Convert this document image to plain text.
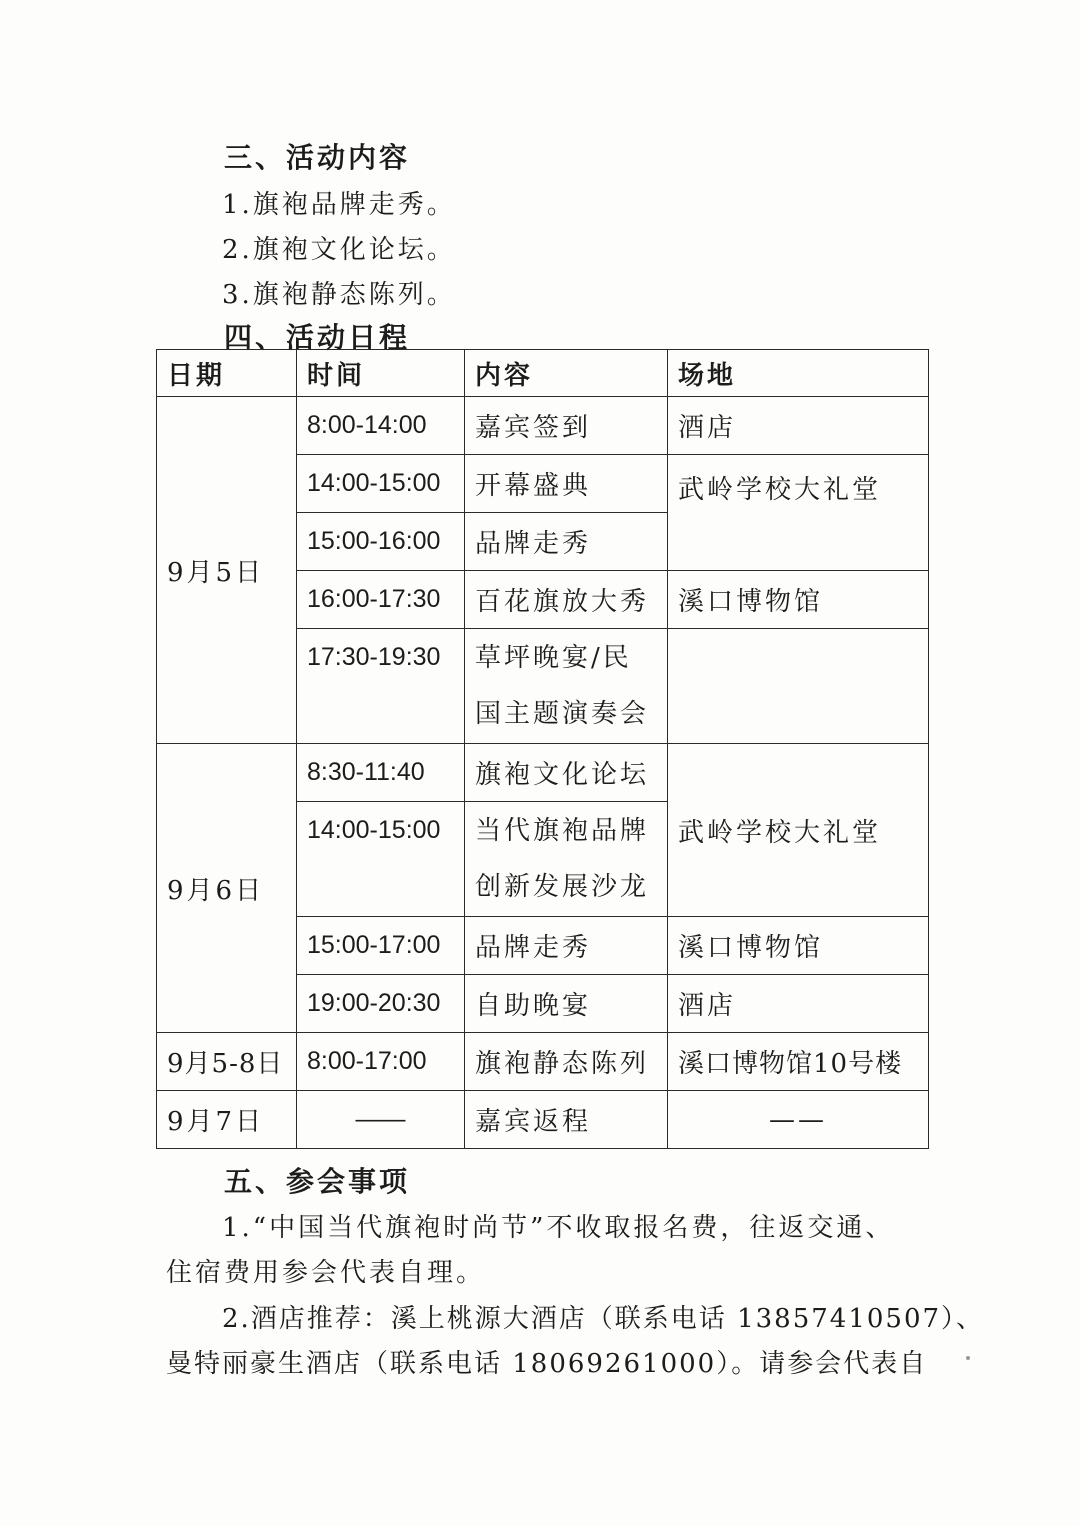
三、活动内容
1.旗袍品牌走秀。
2.旗袍文化论坛。
3.旗袍静态陈列。
四、活动日程
日期	时间	内容	场地
9月5日	8:00-14:00	嘉宾签到	酒店
	14:00-15:00	开幕盛典	武岭学校大礼堂
	15:00-16:00	品牌走秀	
	16:00-17:30	百花旗放大秀	溪口博物馆
	17:30-19:30	草坪晚宴/民国主题演奏会	
9月6日	8:30-11:40	旗袍文化论坛	武岭学校大礼堂
	14:00-15:00	当代旗袍品牌创新发展沙龙	
	15:00-17:00	品牌走秀	溪口博物馆
	19:00-20:30	自助晚宴	酒店
9月5-8日	8:00-17:00	旗袍静态陈列	溪口博物馆10号楼
9月7日	——	嘉宾返程	——
五、参会事项
1.“中国当代旗袍时尚节”不收取报名费，往返交通、
住宿费用参会代表自理。
2.酒店推荐：溪上桃源大酒店（联系电话 13857410507）、
曼特丽豪生酒店（联系电话 18069261000）。请参会代表自
